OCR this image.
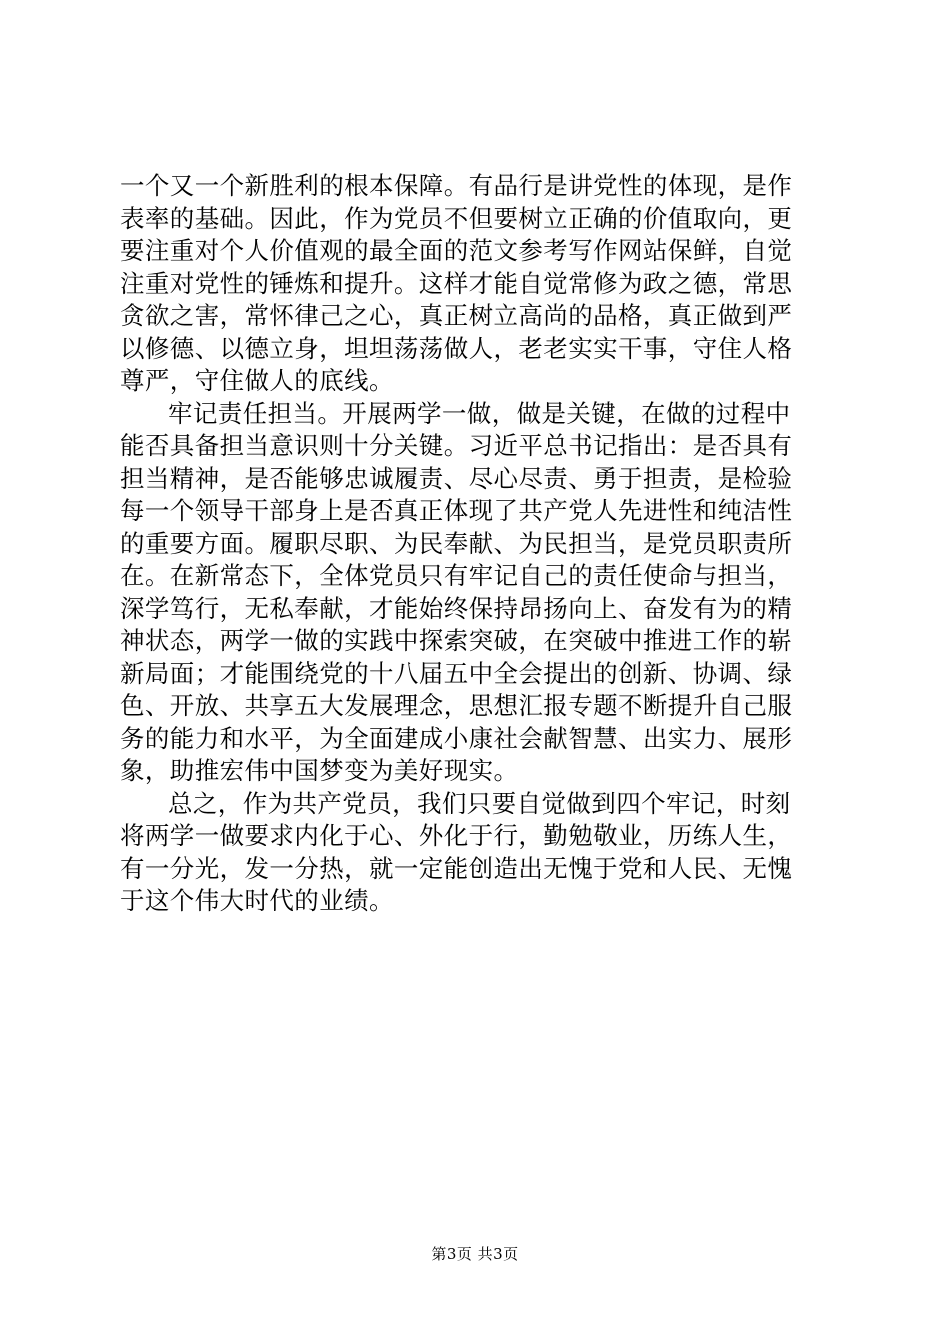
一个又一个新胜利的根本保障。有品行是讲党性的体现，是作
表率的基础。因此，作为党员不但要树立正确的价值取向，更
要注重对个人价值观的最全面的范文参考写作网站保鲜，自觉
注重对党性的锤炼和提升。这样才能自觉常修为政之德，常思
贪欲之害，常怀律己之心，真正树立高尚的品格，真正做到严
以修德、以德立身，坦坦荡荡做人，老老实实干事，守住人格
尊严，守住做人的底线。
牢记责任担当。开展两学一做，做是关键，在做的过程中
能否具备担当意识则十分关键。习近平总书记指出：是否具有
担当精神，是否能够忠诚履责、尽心尽责、勇于担责，是检验
每一个领导干部身上是否真正体现了共产党人先进性和纯洁性
的重要方面。履职尽职、为民奉献、为民担当，是党员职责所
在。在新常态下，全体党员只有牢记自己的责任使命与担当，
深学笃行，无私奉献，才能始终保持昂扬向上、奋发有为的精
神状态，两学一做的实践中探索突破，在突破中推进工作的崭
新局面；才能围绕党的十八届五中全会提出的创新、协调、绿
色、开放、共享五大发展理念，思想汇报专题不断提升自己服
务的能力和水平，为全面建成小康社会献智慧、出实力、展形
象，助推宏伟中国梦变为美好现实。
总之，作为共产党员，我们只要自觉做到四个牢记，时刻
将两学一做要求内化于心、外化于行，勤勉敬业，历练人生，
有一分光，发一分热，就一定能创造出无愧于党和人民、无愧
于这个伟大时代的业绩。
第3页 共3页
